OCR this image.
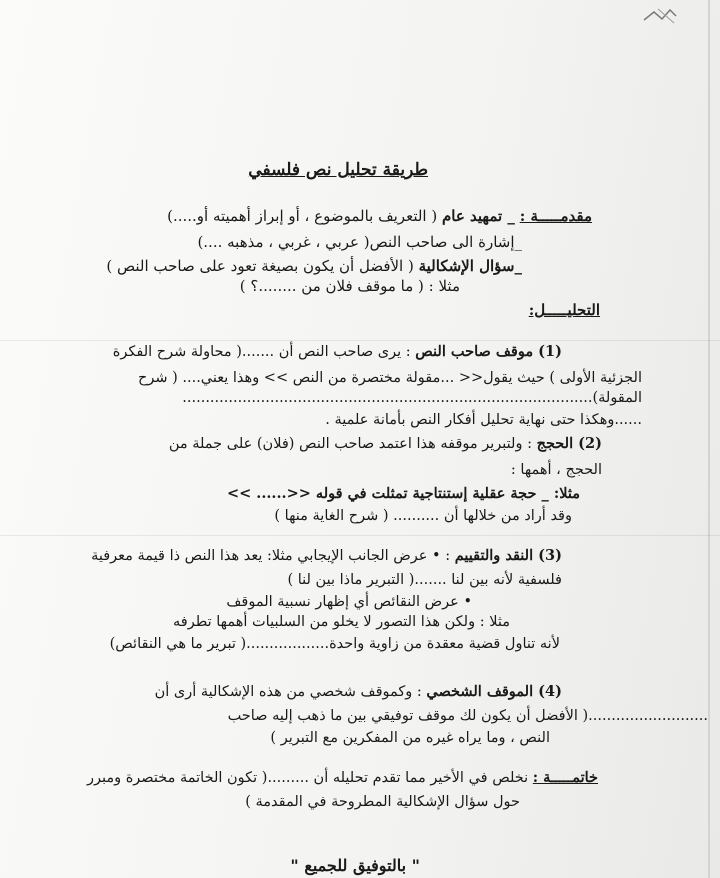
طريقة تحليل نص فلسفي
مقدمـــــة : _ تمهيد عام ( التعريف بالموضوع ، أو إبراز أهميته أو.....)
_إشارة الى صاحب النص( عربي ، غربي ، مذهبه ....)
_سؤال الإشكالية ( الأفضل أن يكون بصيغة تعود على صاحب النص )
مثلا : ( ما موقف فلان من ........؟ )
التحليـــــل:
(1) موقف صاحب النص : يرى صاحب النص أن .......( محاولة شرح الفكرة
الجزئية الأولى ) حيث يقول<< ...مقولة مختصرة من النص >> وهذا يعني.... ( شرح
المقولة).........................................................................................
......وهكذا حتى نهاية تحليل أفكار النص بأمانة علمية .
(2) الحجج : ولتبرير موقفه هذا اعتمد صاحب النص (فلان) على جملة من
الحجج ، أهمها :
مثلا: _ حجة عقلية إستنتاجية تمثلت في قوله <<...... >>
وقد أراد من خلالها أن .......... ( شرح الغاية منها )
(3) النقد والتقييم : • عرض الجانب الإيجابي مثلا: يعد هذا النص ذا قيمة معرفية
فلسفية لأنه بين لنا .......( التبرير ماذا بين لنا )
• عرض النقائص أي إظهار نسبية الموقف
مثلا : ولكن هذا التصور لا يخلو من السلبيات أهمها تطرفه
لأنه تناول قضية معقدة من زاوية واحدة..................( تبرير ما هي النقائص)
(4) الموقف الشخصي : وكموقف شخصي من هذه الإشكالية أرى أن
..........................( الأفضل أن يكون لك موقف توفيقي بين ما ذهب إليه صاحب
النص ، وما يراه غيره من المفكرين مع التبرير )
خاتمـــــة : نخلص في الأخير مما تقدم تحليله أن .........( تكون الخاتمة مختصرة ومبرر
حول سؤال الإشكالية المطروحة في المقدمة )
" بالتوفيق للجميع "
